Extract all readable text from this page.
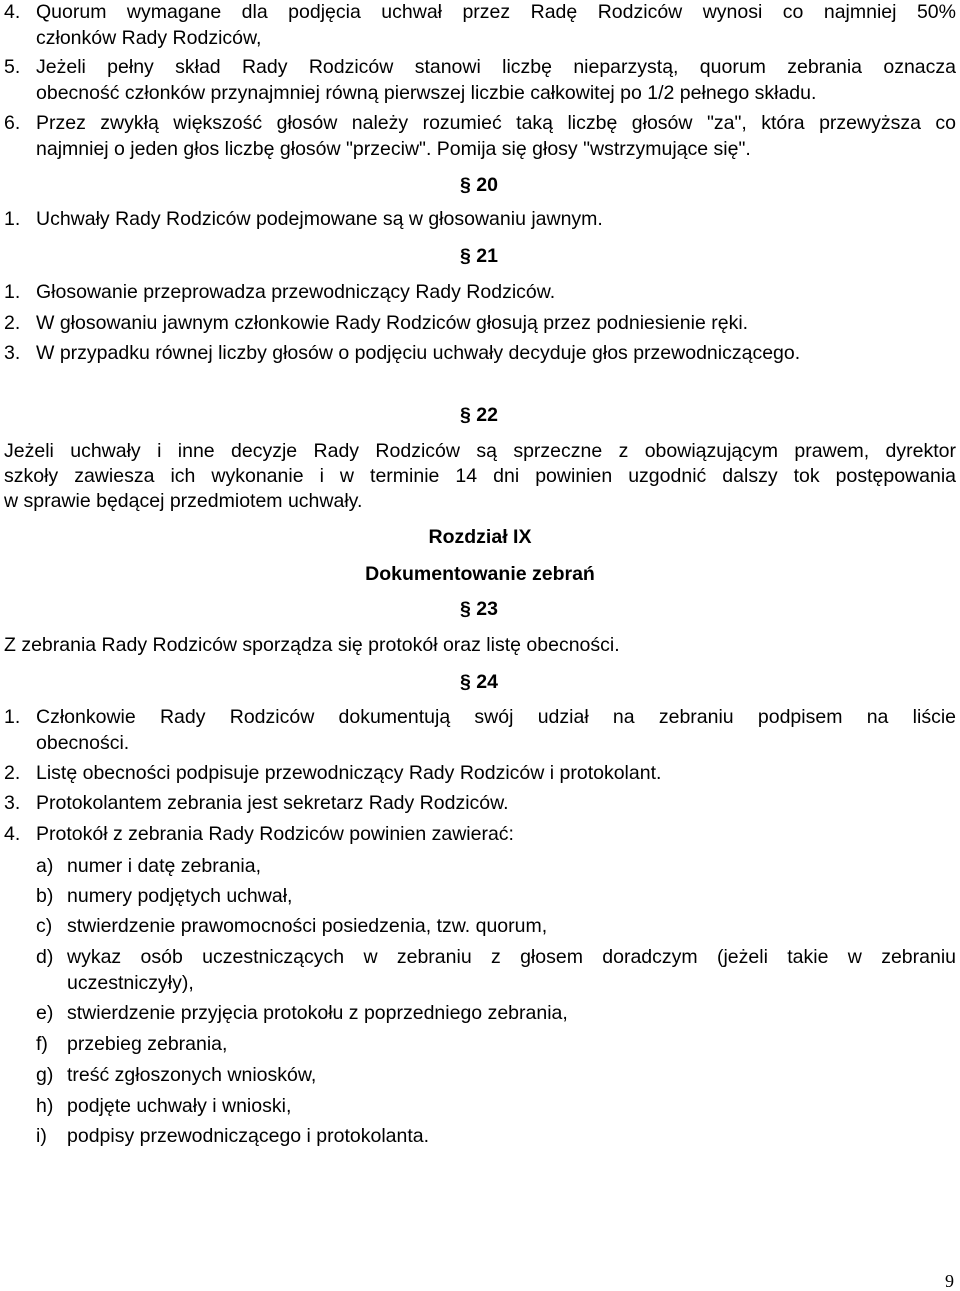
4. Quorum wymagane dla podjęcia uchwał przez Radę Rodziców wynosi co najmniej 50%
członków Rady Rodziców,
5. Jeżeli pełny skład Rady Rodziców stanowi liczbę nieparzystą, quorum zebrania oznacza
obecność członków przynajmniej równą pierwszej liczbie całkowitej po 1/2 pełnego składu.
6. Przez zwykłą większość głosów należy rozumieć taką liczbę głosów "za", która przewyższa co
najmniej o jeden głos liczbę głosów "przeciw". Pomija się głosy "wstrzymujące się".
§ 20
1. Uchwały Rady Rodziców podejmowane są w głosowaniu jawnym.
§ 21
1. Głosowanie przeprowadza przewodniczący Rady Rodziców.
2. W głosowaniu jawnym członkowie Rady Rodziców głosują przez podniesienie ręki.
3. W przypadku równej liczby głosów o podjęciu uchwały decyduje głos przewodniczącego.
§ 22
Jeżeli uchwały i inne decyzje Rady Rodziców są sprzeczne z obowiązującym prawem, dyrektor
szkoły zawiesza ich wykonanie i w terminie 14 dni powinien uzgodnić dalszy tok postępowania
w sprawie będącej przedmiotem uchwały.
Rozdział IX
Dokumentowanie zebrań
§ 23
Z zebrania Rady Rodziców sporządza się protokół oraz listę obecności.
§ 24
1. Członkowie Rady Rodziców dokumentują swój udział na zebraniu podpisem na liście
obecności.
2. Listę obecności podpisuje przewodniczący Rady Rodziców i protokolant.
3. Protokolantem zebrania jest sekretarz Rady Rodziców.
4. Protokół z zebrania Rady Rodziców powinien zawierać:
a) numer i datę zebrania,
b) numery podjętych uchwał,
c) stwierdzenie prawomocności posiedzenia, tzw. quorum,
d) wykaz osób uczestniczących w zebraniu z głosem doradczym (jeżeli takie w zebraniu
uczestniczyły),
e) stwierdzenie przyjęcia protokołu z poprzedniego zebrania,
f) przebieg zebrania,
g) treść zgłoszonych wniosków,
h) podjęte uchwały i wnioski,
i) podpisy przewodniczącego i protokolanta.
9
